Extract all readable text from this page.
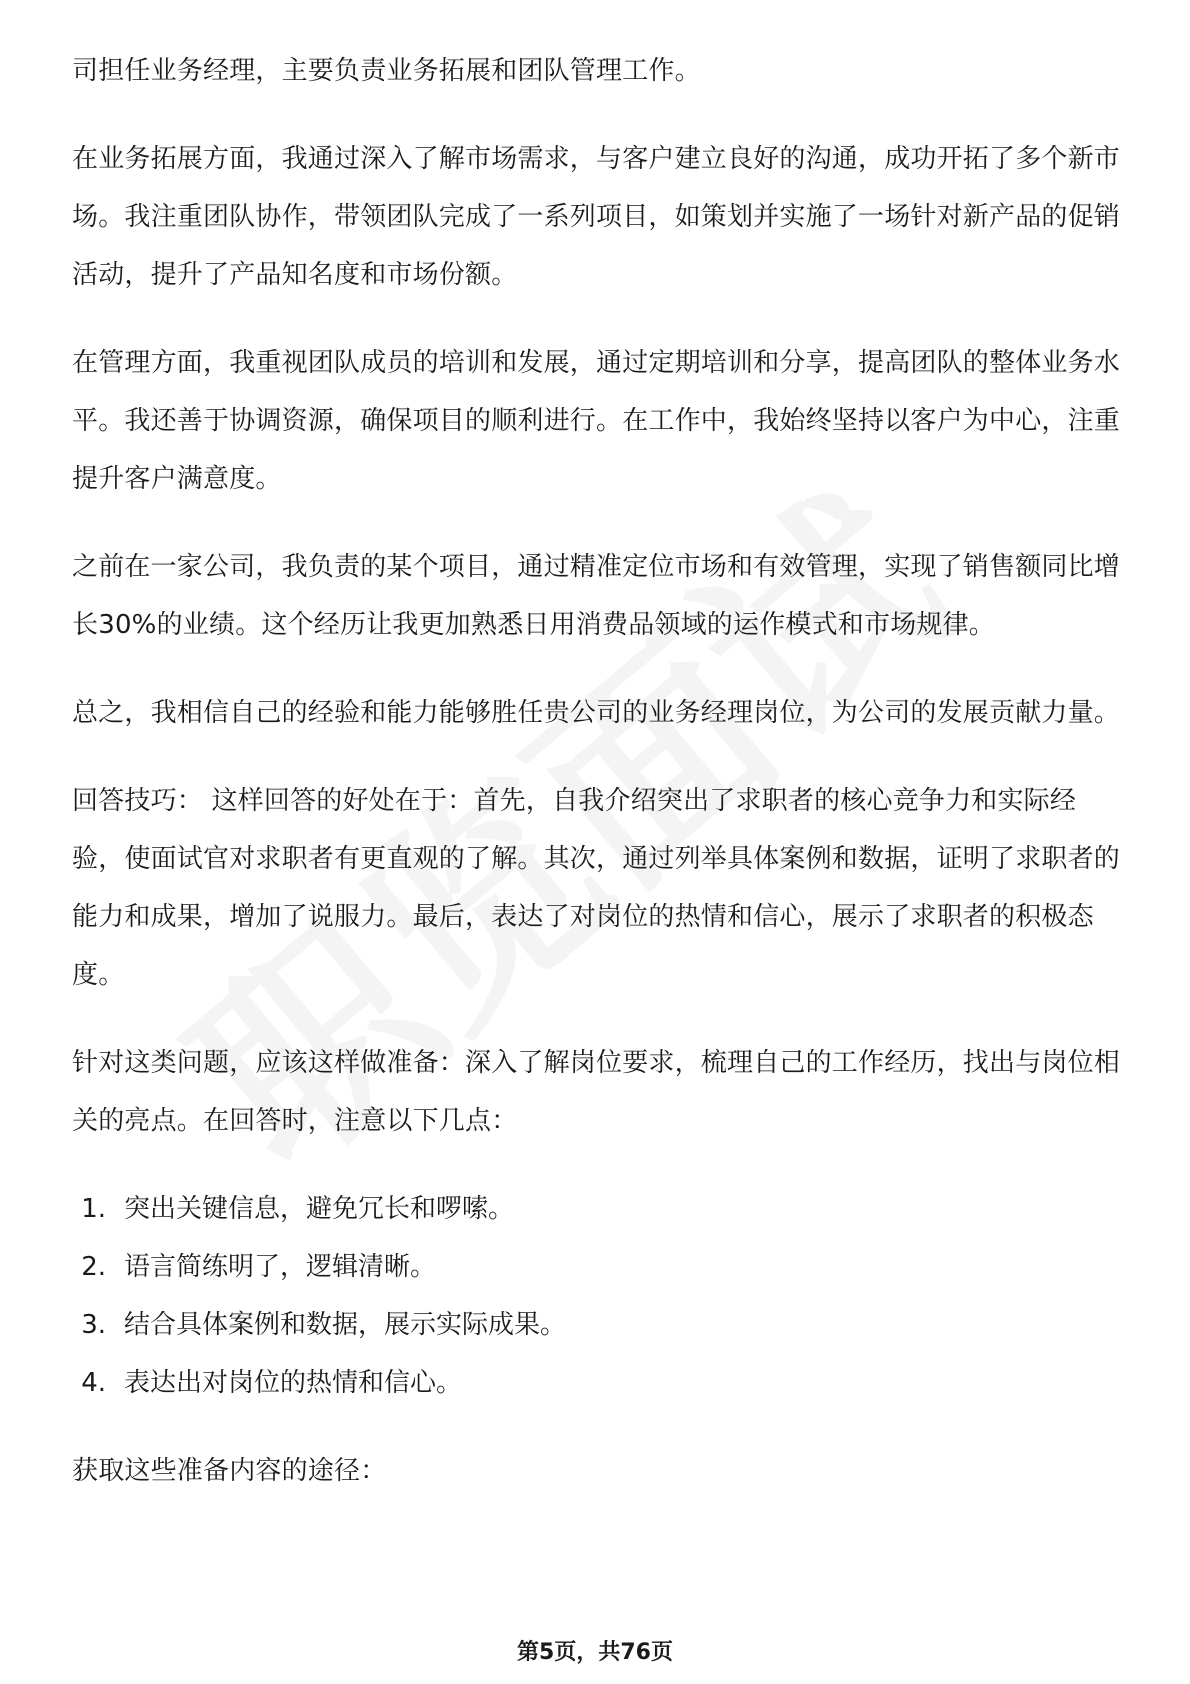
司担任业务经理，主要负责业务拓展和团队管理工作。

在业务拓展方面，我通过深入了解市场需求，与客户建立良好的沟通，成功开拓了多个新市场。我注重团队协作，带领团队完成了一系列项目，如策划并实施了一场针对新产品的促销活动，提升了产品知名度和市场份额。

在管理方面，我重视团队成员的培训和发展，通过定期培训和分享，提高团队的整体业务水平。我还善于协调资源，确保项目的顺利进行。在工作中，我始终坚持以客户为中心，注重提升客户满意度。

之前在一家公司，我负责的某个项目，通过精准定位市场和有效管理，实现了销售额同比增长30%的业绩。这个经历让我更加熟悉日用消费品领域的运作模式和市场规律。

总之，我相信自己的经验和能力能够胜任贵公司的业务经理岗位，为公司的发展贡献力量。

回答技巧： 这样回答的好处在于：首先，自我介绍突出了求职者的核心竞争力和实际经验，使面试官对求职者有更直观的了解。其次，通过列举具体案例和数据，证明了求职者的能力和成果，增加了说服力。最后，表达了对岗位的热情和信心，展示了求职者的积极态度。

针对这类问题，应该这样做准备：深入了解岗位要求，梳理自己的工作经历，找出与岗位相关的亮点。在回答时，注意以下几点：

1. 突出关键信息，避免冗长和啰嗦。
2. 语言简练明了，逻辑清晰。
3. 结合具体案例和数据，展示实际成果。
4. 表达出对岗位的热情和信心。

获取这些准备内容的途径：

第5页，共76页
